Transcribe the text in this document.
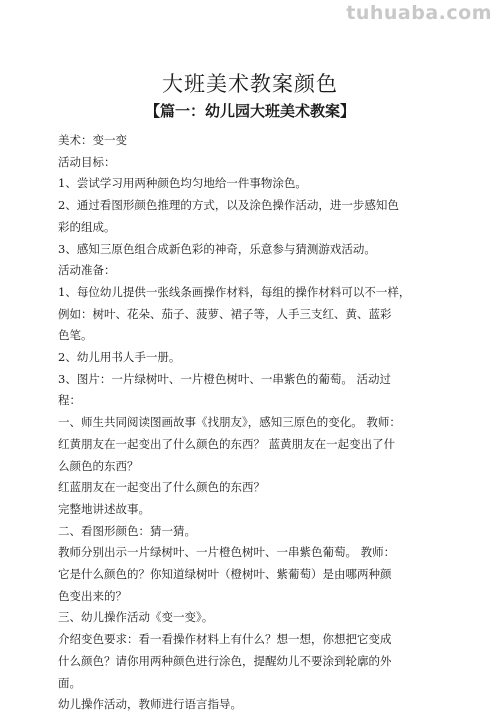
tuhuaba.com
大班美术教案颜色
【篇一：幼儿园大班美术教案】

美术：变一变

活动目标：

1、尝试学习用两种颜色均匀地给一件事物涂色。

2、通过看图形颜色推理的方式，以及涂色操作活动，进一步感知色

彩的组成。

3、感知三原色组合成新色彩的神奇，乐意参与猜测游戏活动。

活动准备：

1、每位幼儿提供一张线条画操作材料，每组的操作材料可以不一样，

例如：树叶、花朵、茄子、菠萝、裙子等，人手三支红、黄、蓝彩

色笔。

2、幼儿用书人手一册。

3、图片：一片绿树叶、一片橙色树叶、一串紫色的葡萄。 活动过

程：

一、师生共同阅读图画故事《找朋友》，感知三原色的变化。 教师：

红黄朋友在一起变出了什么颜色的东西？ 蓝黄朋友在一起变出了什

么颜色的东西？

红蓝朋友在一起变出了什么颜色的东西？

完整地讲述故事。

二、看图形颜色：猜一猜。

教师分别出示一片绿树叶、一片橙色树叶、一串紫色葡萄。 教师：

它是什么颜色的？你知道绿树叶（橙树叶、紫葡萄）是由哪两种颜

色变出来的？

三、幼儿操作活动《变一变》。

介绍变色要求：看一看操作材料上有什么？想一想，你想把它变成

什么颜色？请你用两种颜色进行涂色，提醒幼儿不要涂到轮廓的外

面。

幼儿操作活动，教师进行语言指导。
